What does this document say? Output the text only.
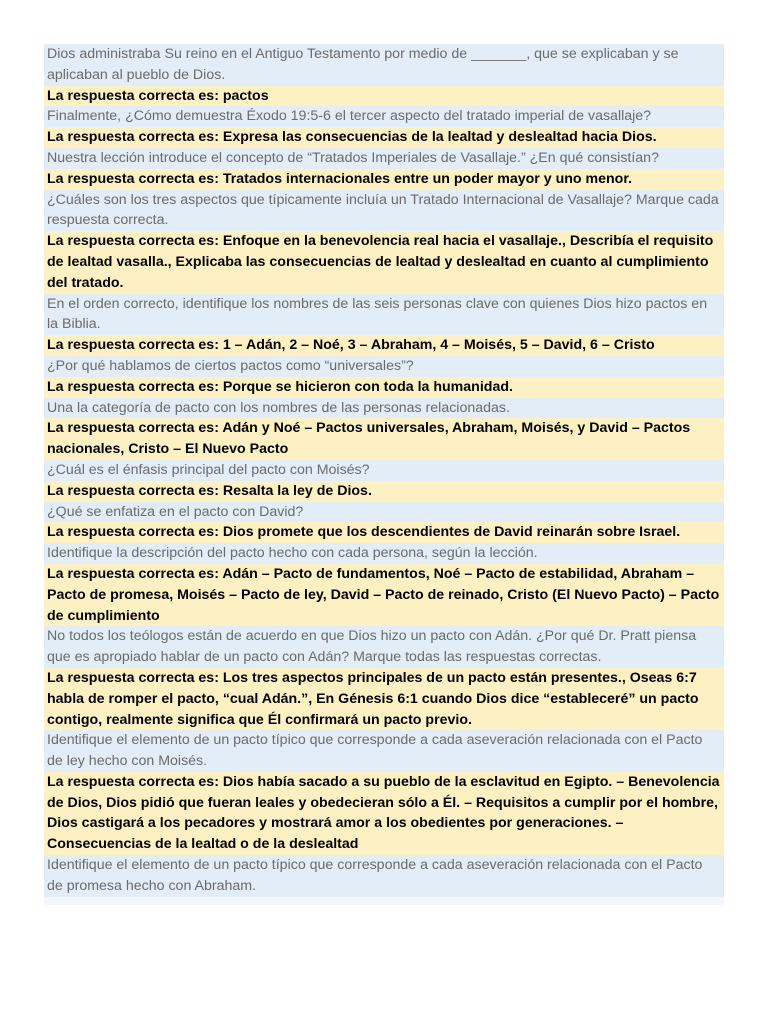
Dios administraba Su reino en el Antiguo Testamento por medio de _______, que se explicaban y se aplicaban al pueblo de Dios.
La respuesta correcta es: pactos
Finalmente, ¿Cómo demuestra Éxodo 19:5-6 el tercer aspecto del tratado imperial de vasallaje?
La respuesta correcta es: Expresa las consecuencias de la lealtad y deslealtad hacia Dios.
Nuestra lección introduce el concepto de “Tratados Imperiales de Vasallaje.” ¿En qué consistían?
La respuesta correcta es: Tratados internacionales entre un poder mayor y uno menor.
¿Cuáles son los tres aspectos que típicamente incluía un Tratado Internacional de Vasallaje? Marque cada respuesta correcta.
La respuesta correcta es: Enfoque en la benevolencia real hacia el vasallaje., Describía el requisito de lealtad vasalla., Explicaba las consecuencias de lealtad y deslealtad en cuanto al cumplimiento del tratado.
En el orden correcto, identifique los nombres de las seis personas clave con quienes Dios hizo pactos en la Biblia.
La respuesta correcta es: 1 – Adán, 2 – Noé, 3 – Abraham, 4 – Moisés, 5 – David, 6 – Cristo
¿Por qué hablamos de ciertos pactos como “universales”?
La respuesta correcta es: Porque se hicieron con toda la humanidad.
Una la categoría de pacto con los nombres de las personas relacionadas.
La respuesta correcta es: Adán y Noé – Pactos universales, Abraham, Moisés, y David – Pactos nacionales, Cristo – El Nuevo Pacto
¿Cuál es el énfasis principal del pacto con Moisés?
La respuesta correcta es: Resalta la ley de Dios.
¿Qué se enfatiza en el pacto con David?
La respuesta correcta es: Dios promete que los descendientes de David reinarán sobre Israel.
Identifique la descripción del pacto hecho con cada persona, según la lección.
La respuesta correcta es: Adán – Pacto de fundamentos, Noé – Pacto de estabilidad, Abraham – Pacto de promesa, Moisés – Pacto de ley, David – Pacto de reinado, Cristo (El Nuevo Pacto) – Pacto de cumplimiento
No todos los teólogos están de acuerdo en que Dios hizo un pacto con Adán. ¿Por qué Dr. Pratt piensa que es apropiado hablar de un pacto con Adán? Marque todas las respuestas correctas.
La respuesta correcta es: Los tres aspectos principales de un pacto están presentes., Oseas 6:7 habla de romper el pacto, “cual Adán.”, En Génesis 6:1 cuando Dios dice “estableceré” un pacto contigo, realmente significa que Él confirmará un pacto previo.
Identifique el elemento de un pacto típico que corresponde a cada aseveración relacionada con el Pacto de ley hecho con Moisés.
La respuesta correcta es: Dios había sacado a su pueblo de la esclavitud en Egipto. – Benevolencia de Dios, Dios pidió que fueran leales y obedecieran sólo a Él. – Requisitos a cumplir por el hombre, Dios castigará a los pecadores y mostrará amor a los obedientes por generaciones. – Consecuencias de la lealtad o de la deslealtad
Identifique el elemento de un pacto típico que corresponde a cada aseveración relacionada con el Pacto de promesa hecho con Abraham.
